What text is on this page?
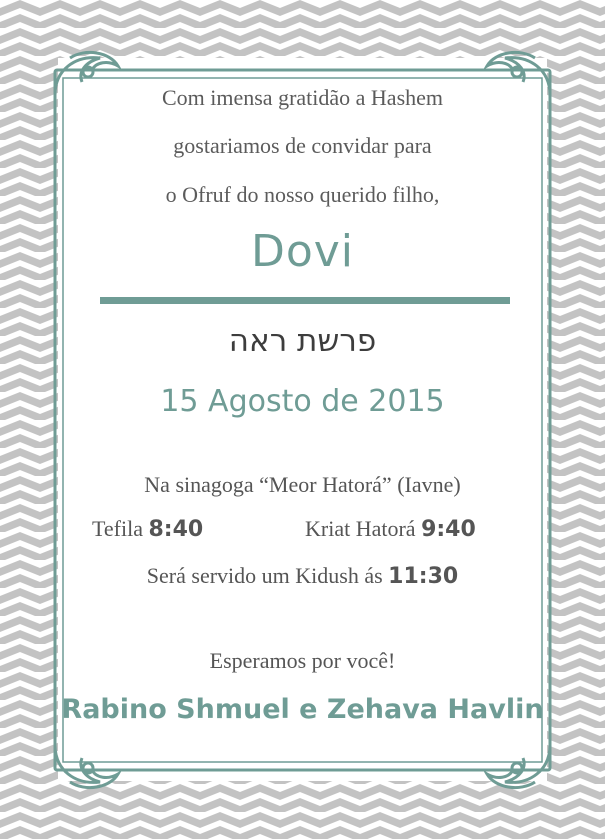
Com imensa gratidão a Hashem
gostariamos de convidar para
o Ofruf do nosso querido filho,
Dovi
פרשת ראה
15 Agosto de 2015
Na sinagoga “Meor Hatorá” (Iavne)
Tefila 8:40	Kriat Hatorá 9:40
Será servido um Kidush ás 11:30
Esperamos por você!
Rabino Shmuel e Zehava Havlin
